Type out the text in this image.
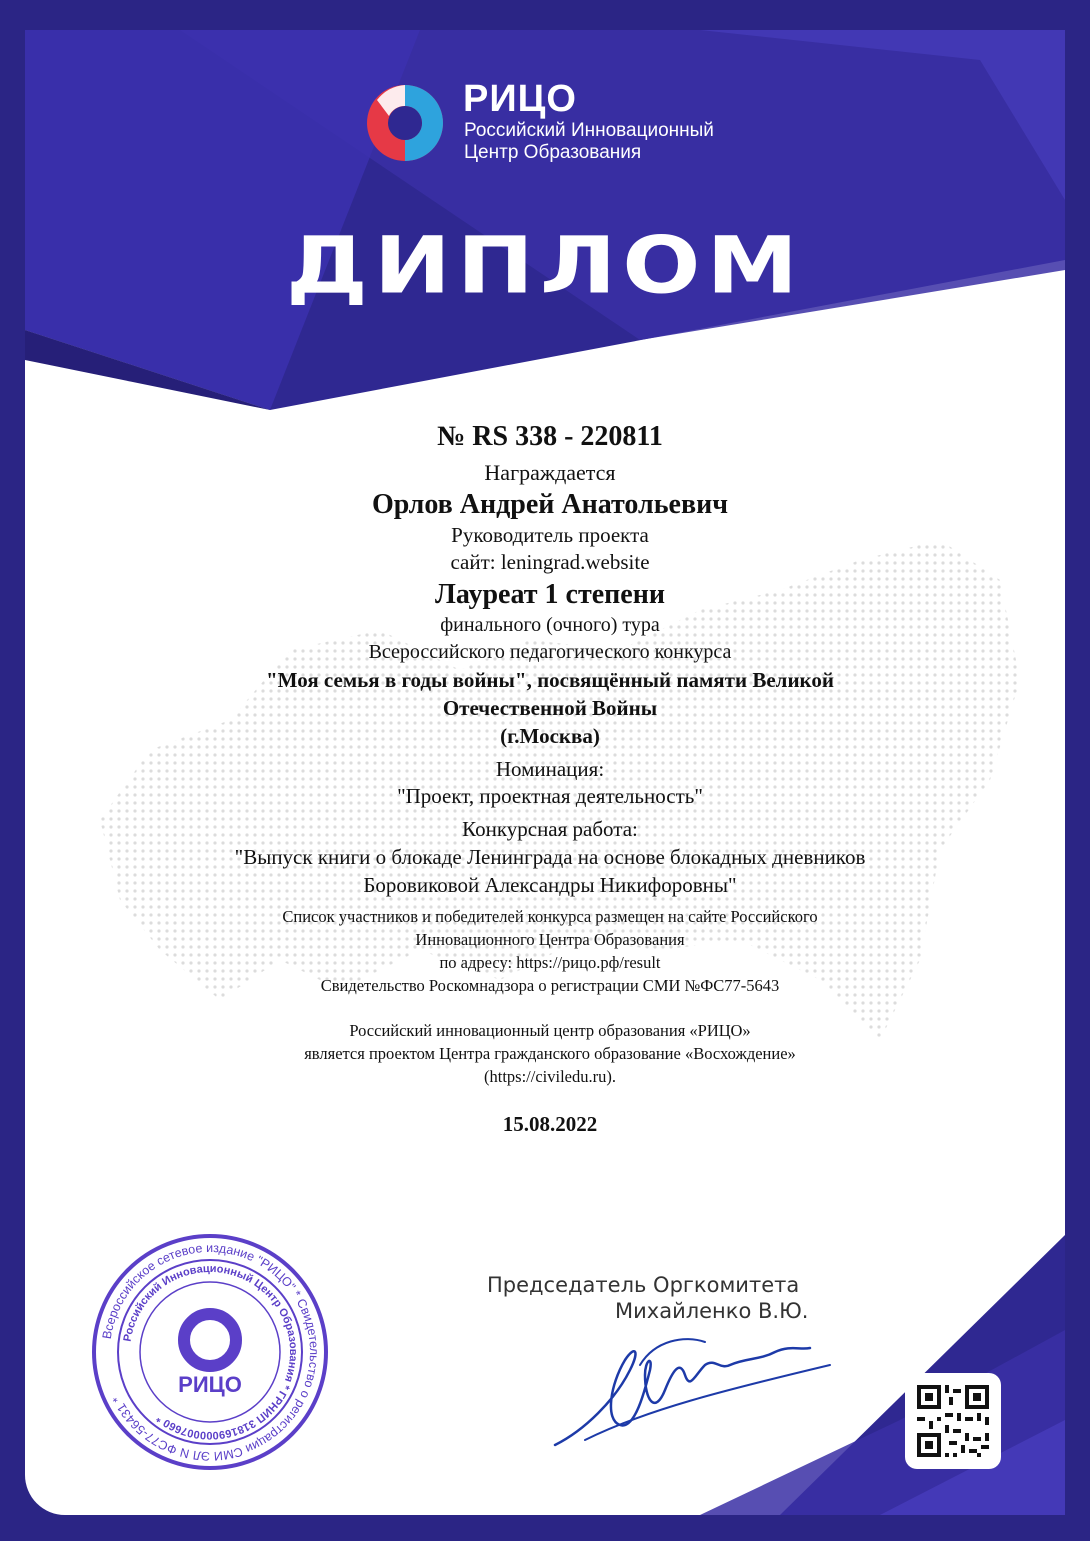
РИЦО
Российский Инновационный
Центр Образования
ДИПЛОМ
№ RS 338 - 220811
Награждается
Орлов Андрей Анатольевич
Руководитель проекта
сайт: leningrad.website
Лауреат 1 степени
финального (очного) тура
Всероссийского педагогического конкурса
"Моя семья в годы войны", посвящённый памяти Великой
Отечественной Войны
(г.Москва)
Номинация:
"Проект, проектная деятельность"
Конкурсная работа:
"Выпуск книги о блокаде Ленинграда на основе блокадных дневников
Боровиковой Александры Никифоровны"
Список участников и победителей конкурса размещен на сайте Российского
Инновационного Центра Образования
по адресу: https://рицо.рф/result
Свидетельство Роскомнадзора о регистрации СМИ №ФС77-5643
Российский инновационный центр образования «РИЦО»
является проектом Центра гражданского образование «Восхождение»
(https://civiledu.ru).
15.08.2022
Всероссийское сетевое издание "РИЦО" * Свидетельство о регистрации СМИ ЭЛ N ФС77-56431 *
Российский Инновационный Центр Образования * ГРНИП 318169000007660 *
РИЦО
Председатель Оргкомитета
Михайленко В.Ю.
